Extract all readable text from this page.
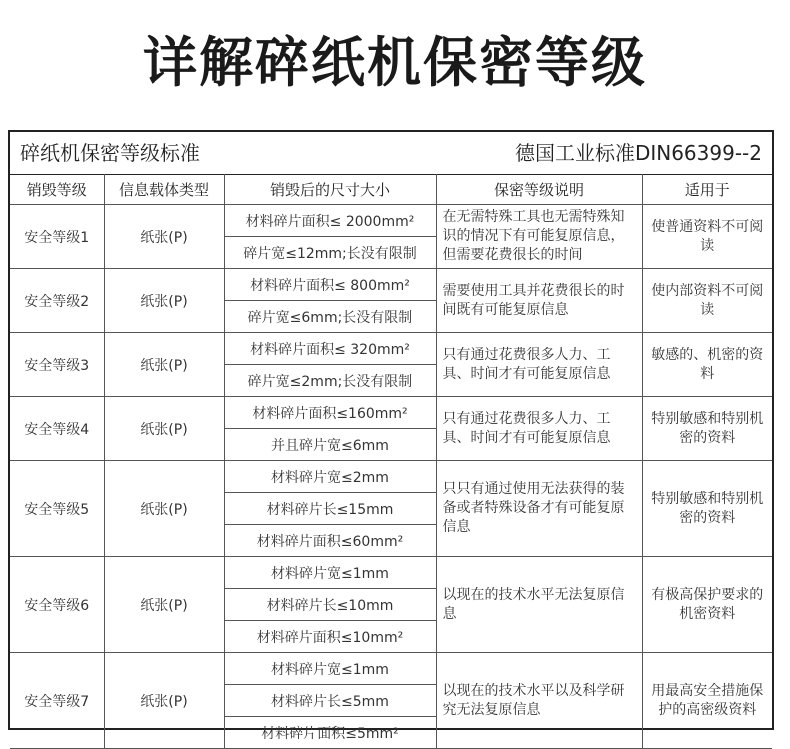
详解碎纸机保密等级
碎纸机保密等级标准	德国工业标准DIN66399--2
销毁等级	信息载体类型	销毁后的尺寸大小	保密等级说明	适用于
安全等级1	纸张(P)	材料碎片面积≤ 2000mm²	在无需特殊工具也无需特殊知识的情况下有可能复原信息，但需要花费很长的时间	使普通资料不可阅读
		碎片宽≤12mm;长没有限制		
安全等级2	纸张(P)	材料碎片面积≤ 800mm²	需要使用工具并花费很长的时间既有可能复原信息	使内部资料不可阅读
		碎片宽≤6mm;长没有限制		
安全等级3	纸张(P)	材料碎片面积≤ 320mm²	只有通过花费很多人力、工具、时间才有可能复原信息	敏感的、机密的资料
		碎片宽≤2mm;长没有限制		
安全等级4	纸张(P)	材料碎片面积≤160mm²	只有通过花费很多人力、工具、时间才有可能复原信息	特别敏感和特别机密的资料
		并且碎片宽≤6mm		
安全等级5	纸张(P)	材料碎片宽≤2mm	只只有通过使用无法获得的装备或者特殊设备才有可能复原信息	特别敏感和特别机密的资料
		材料碎片长≤15mm		
		材料碎片面积≤60mm²		
安全等级6	纸张(P)	材料碎片宽≤1mm	以现在的技术水平无法复原信息	有极高保护要求的机密资料
		材料碎片长≤10mm		
		材料碎片面积≤10mm²		
安全等级7	纸张(P)	材料碎片宽≤1mm	以现在的技术水平以及科学研究无法复原信息	用最高安全措施保护的高密级资料
		材料碎片长≤5mm		
		材料碎片面积≤5mm²		
